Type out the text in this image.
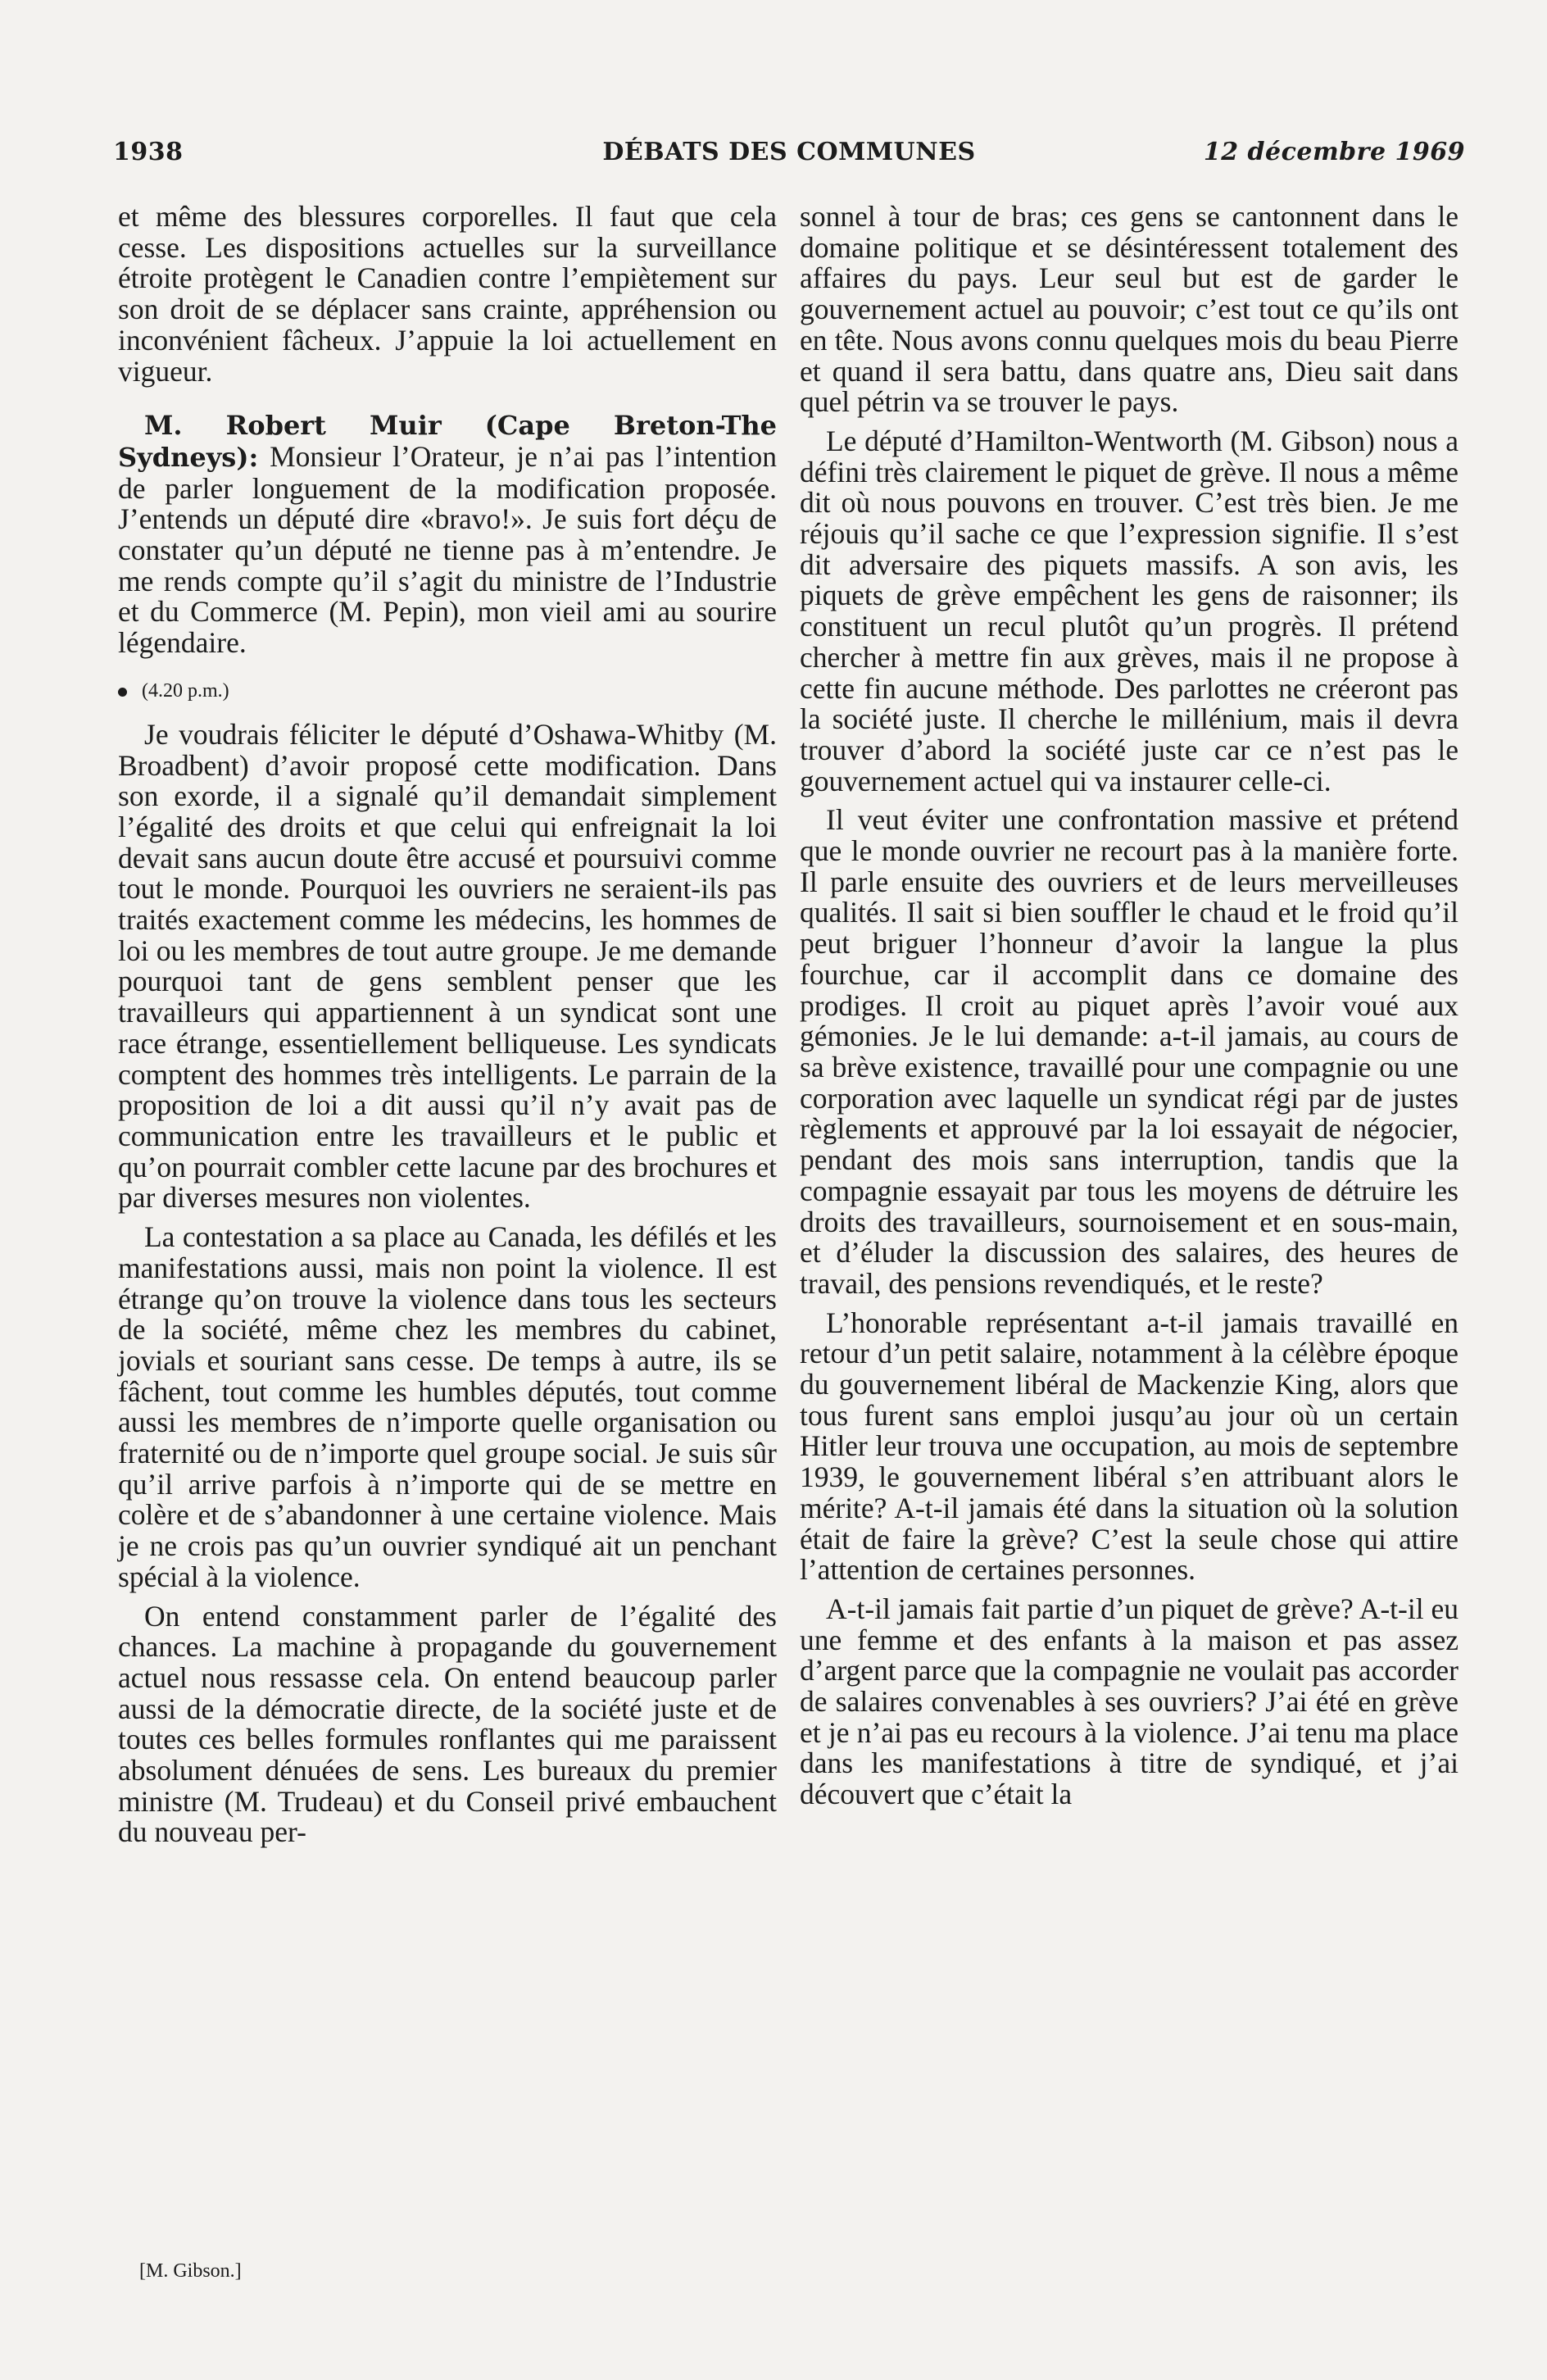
1938	DÉBATS DES COMMUNES	12 décembre 1969

et même des blessures corporelles. Il faut que cela cesse. Les dispositions actuelles sur la surveillance étroite protègent le Canadien contre l’empiètement sur son droit de se déplacer sans crainte, appréhension ou inconvénient fâcheux. J’appuie la loi actuellement en vigueur.

M. Robert Muir (Cape Breton-The Sydneys): Monsieur l’Orateur, je n’ai pas l’intention de parler longuement de la modification proposée. J’entends un député dire «bravo!». Je suis fort déçu de constater qu’un député ne tienne pas à m’entendre. Je me rends compte qu’il s’agit du ministre de l’Industrie et du Commerce (M. Pepin), mon vieil ami au sourire légendaire.

(4.20 p.m.)

Je voudrais féliciter le député d’Oshawa-Whitby (M. Broadbent) d’avoir proposé cette modification. Dans son exorde, il a signalé qu’il demandait simplement l’égalité des droits et que celui qui enfreignait la loi devait sans aucun doute être accusé et poursuivi comme tout le monde. Pourquoi les ouvriers ne seraient-ils pas traités exactement comme les médecins, les hommes de loi ou les membres de tout autre groupe. Je me demande pourquoi tant de gens semblent penser que les travailleurs qui appartiennent à un syndicat sont une race étrange, essentiellement belliqueuse. Les syndicats comptent des hommes très intelligents. Le parrain de la proposition de loi a dit aussi qu’il n’y avait pas de communication entre les travailleurs et le public et qu’on pourrait combler cette lacune par des brochures et par diverses mesures non violentes.

La contestation a sa place au Canada, les défilés et les manifestations aussi, mais non point la violence. Il est étrange qu’on trouve la violence dans tous les secteurs de la société, même chez les membres du cabinet, jovials et souriant sans cesse. De temps à autre, ils se fâchent, tout comme les humbles députés, tout comme aussi les membres de n’importe quelle organisation ou fraternité ou de n’importe quel groupe social. Je suis sûr qu’il arrive parfois à n’importe qui de se mettre en colère et de s’abandonner à une certaine violence. Mais je ne crois pas qu’un ouvrier syndiqué ait un penchant spécial à la violence.

On entend constamment parler de l’égalité des chances. La machine à propagande du gouvernement actuel nous ressasse cela. On entend beaucoup parler aussi de la démocratie directe, de la société juste et de toutes ces belles formules ronflantes qui me paraissent absolument dénuées de sens. Les bureaux du premier ministre (M. Trudeau) et du Conseil privé embauchent du nouveau per-

sonnel à tour de bras; ces gens se cantonnent dans le domaine politique et se désintéressent totalement des affaires du pays. Leur seul but est de garder le gouvernement actuel au pouvoir; c’est tout ce qu’ils ont en tête. Nous avons connu quelques mois du beau Pierre et quand il sera battu, dans quatre ans, Dieu sait dans quel pétrin va se trouver le pays.

Le député d’Hamilton-Wentworth (M. Gibson) nous a défini très clairement le piquet de grève. Il nous a même dit où nous pouvons en trouver. C’est très bien. Je me réjouis qu’il sache ce que l’expression signifie. Il s’est dit adversaire des piquets massifs. A son avis, les piquets de grève empêchent les gens de raisonner; ils constituent un recul plutôt qu’un progrès. Il prétend chercher à mettre fin aux grèves, mais il ne propose à cette fin aucune méthode. Des parlottes ne créeront pas la société juste. Il cherche le millénium, mais il devra trouver d’abord la société juste car ce n’est pas le gouvernement actuel qui va instaurer celle-ci.

Il veut éviter une confrontation massive et prétend que le monde ouvrier ne recourt pas à la manière forte. Il parle ensuite des ouvriers et de leurs merveilleuses qualités. Il sait si bien souffler le chaud et le froid qu’il peut briguer l’honneur d’avoir la langue la plus fourchue, car il accomplit dans ce domaine des prodiges. Il croit au piquet après l’avoir voué aux gémonies. Je le lui demande: a-t-il jamais, au cours de sa brève existence, travaillé pour une compagnie ou une corporation avec laquelle un syndicat régi par de justes règlements et approuvé par la loi essayait de négocier, pendant des mois sans interruption, tandis que la compagnie essayait par tous les moyens de détruire les droits des travailleurs, sournoisement et en sous-main, et d’éluder la discussion des salaires, des heures de travail, des pensions revendiqués, et le reste?

L’honorable représentant a-t-il jamais travaillé en retour d’un petit salaire, notamment à la célèbre époque du gouvernement libéral de Mackenzie King, alors que tous furent sans emploi jusqu’au jour où un certain Hitler leur trouva une occupation, au mois de septembre 1939, le gouvernement libéral s’en attribuant alors le mérite? A-t-il jamais été dans la situation où la solution était de faire la grève? C’est la seule chose qui attire l’attention de certaines personnes.

A-t-il jamais fait partie d’un piquet de grève? A-t-il eu une femme et des enfants à la maison et pas assez d’argent parce que la compagnie ne voulait pas accorder de salaires convenables à ses ouvriers? J’ai été en grève et je n’ai pas eu recours à la violence. J’ai tenu ma place dans les manifestations à titre de syndiqué, et j’ai découvert que c’était la

[M. Gibson.]
